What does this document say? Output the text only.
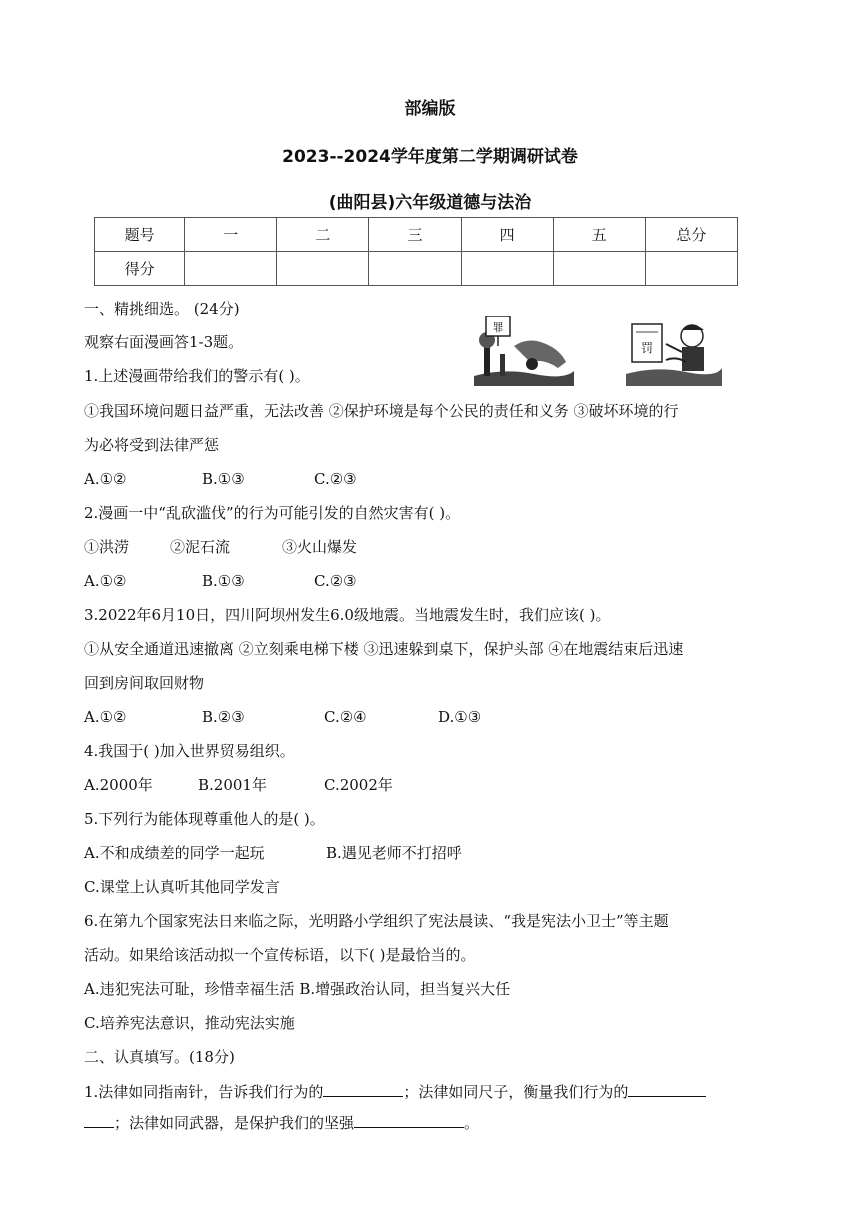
部编版
2023--2024学年度第二学期调研试卷
(曲阳县)六年级道德与法治
题号	一	二	三	四	五	总分
得分						
罪
罚
一、精挑细选。 (24分)
观察右面漫画答1-3题。
1.上述漫画带给我们的警示有( )。
①我国环境问题日益严重，无法改善 ②保护环境是每个公民的责任和义务 ③破坏环境的行
为必将受到法律严惩
A.①②	B.①③	C.②③
2.漫画一中“乱砍滥伐”的行为可能引发的自然灾害有( )。
①洪涝	②泥石流	③火山爆发
A.①②	B.①③	C.②③
3.2022年6月10日，四川阿坝州发生6.0级地震。当地震发生时，我们应该( )。
①从安全通道迅速撤离 ②立刻乘电梯下楼 ③迅速躲到桌下，保护头部 ④在地震结束后迅速
回到房间取回财物
A.①②	B.②③	C.②④	D.①③
4.我国于( )加入世界贸易组织。
A.2000年	B.2001年	C.2002年
5.下列行为能体现尊重他人的是( )。
A.不和成绩差的同学一起玩	B.遇见老师不打招呼
C.课堂上认真听其他同学发言
6.在第九个国家宪法日来临之际，光明路小学组织了宪法晨读、“我是宪法小卫士”等主题
活动。如果给该活动拟一个宣传标语，以下( )是最恰当的。
A.违犯宪法可耻，珍惜幸福生活 B.增强政治认同，担当复兴大任
C.培养宪法意识，推动宪法实施
二、认真填写。(18分)
1.法律如同指南针，告诉我们行为的	；法律如同尺子，衡量我们行为的
；法律如同武器，是保护我们的坚强	。
